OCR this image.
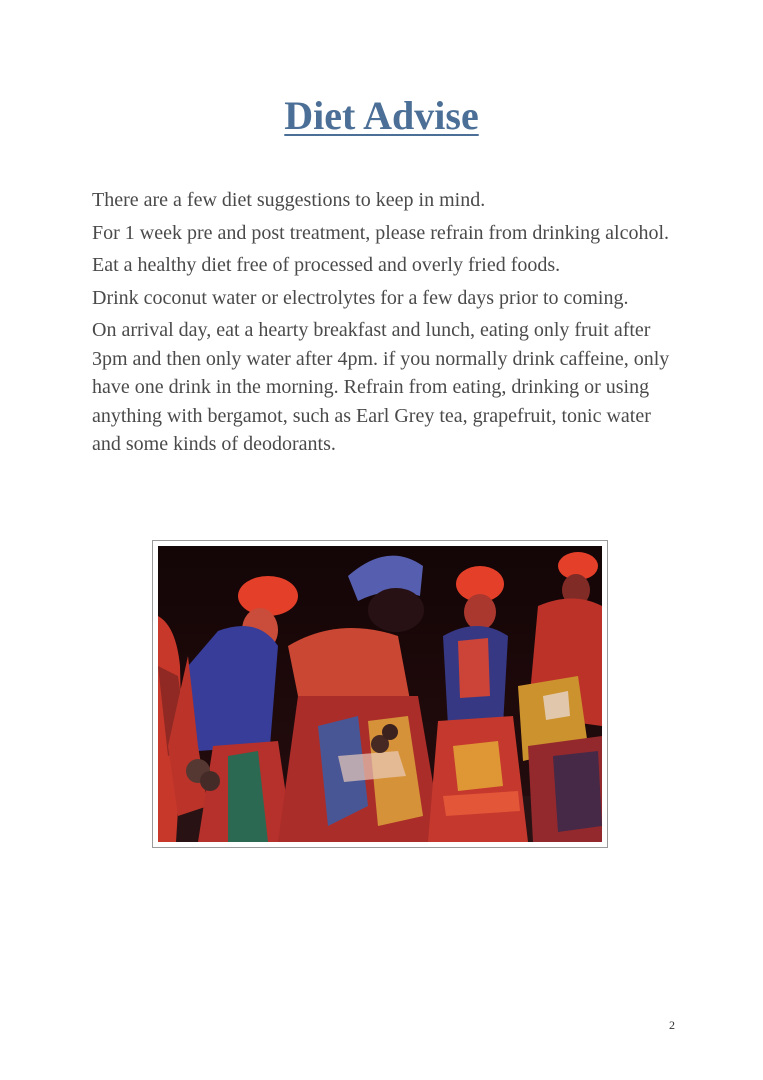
Diet Advise

There are a few diet suggestions to keep in mind.

For 1 week pre and post treatment, please refrain from drinking alcohol.

Eat a healthy diet free of processed and overly fried foods.

Drink coconut water or electrolytes for a few days prior to coming.

On arrival day, eat a hearty breakfast and lunch, eating only fruit after 3pm and then only water after 4pm. if you normally drink caffeine, only have one drink in the morning. Refrain from eating, drinking or using anything with bergamot, such as Earl Grey tea, grapefruit, tonic water and some kinds of deodorants.

2
